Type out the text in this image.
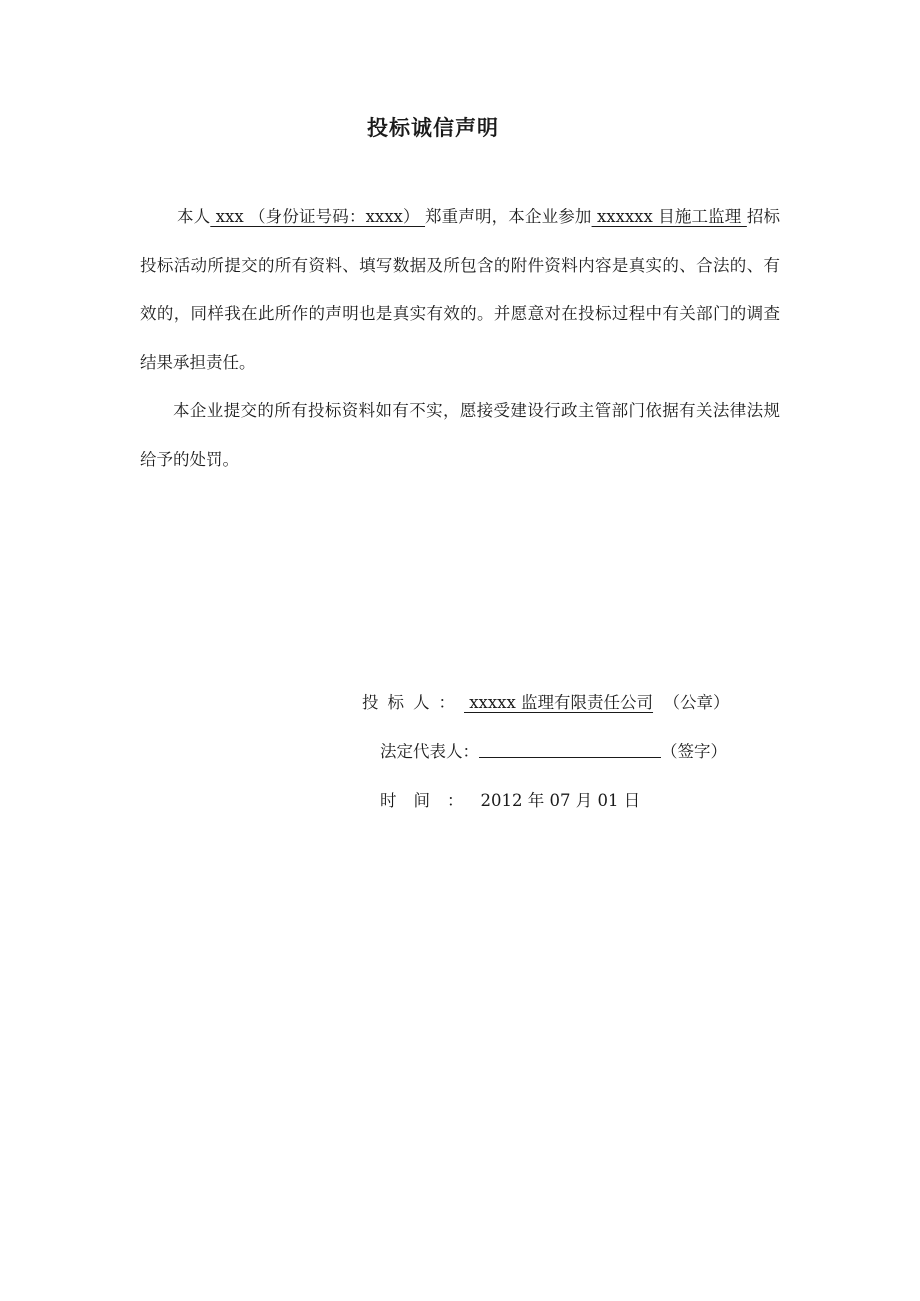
投标诚信声明

本人 xxx （身份证号码：xxxx） 郑重声明，本企业参加 xxxxxx 目施工监理 招标投标活动所提交的所有资料、填写数据及所包含的附件资料内容是真实的、合法的、有效的，同样我在此所作的声明也是真实有效的。并愿意对在投标过程中有关部门的调查结果承担责任。

本企业提交的所有投标资料如有不实，愿接受建设行政主管部门依据有关法律法规给予的处罚。

投标人： xxxxx 监理有限责任公司 （公章）
法定代表人：	（签字）
时间：2012 年 07 月 01 日
